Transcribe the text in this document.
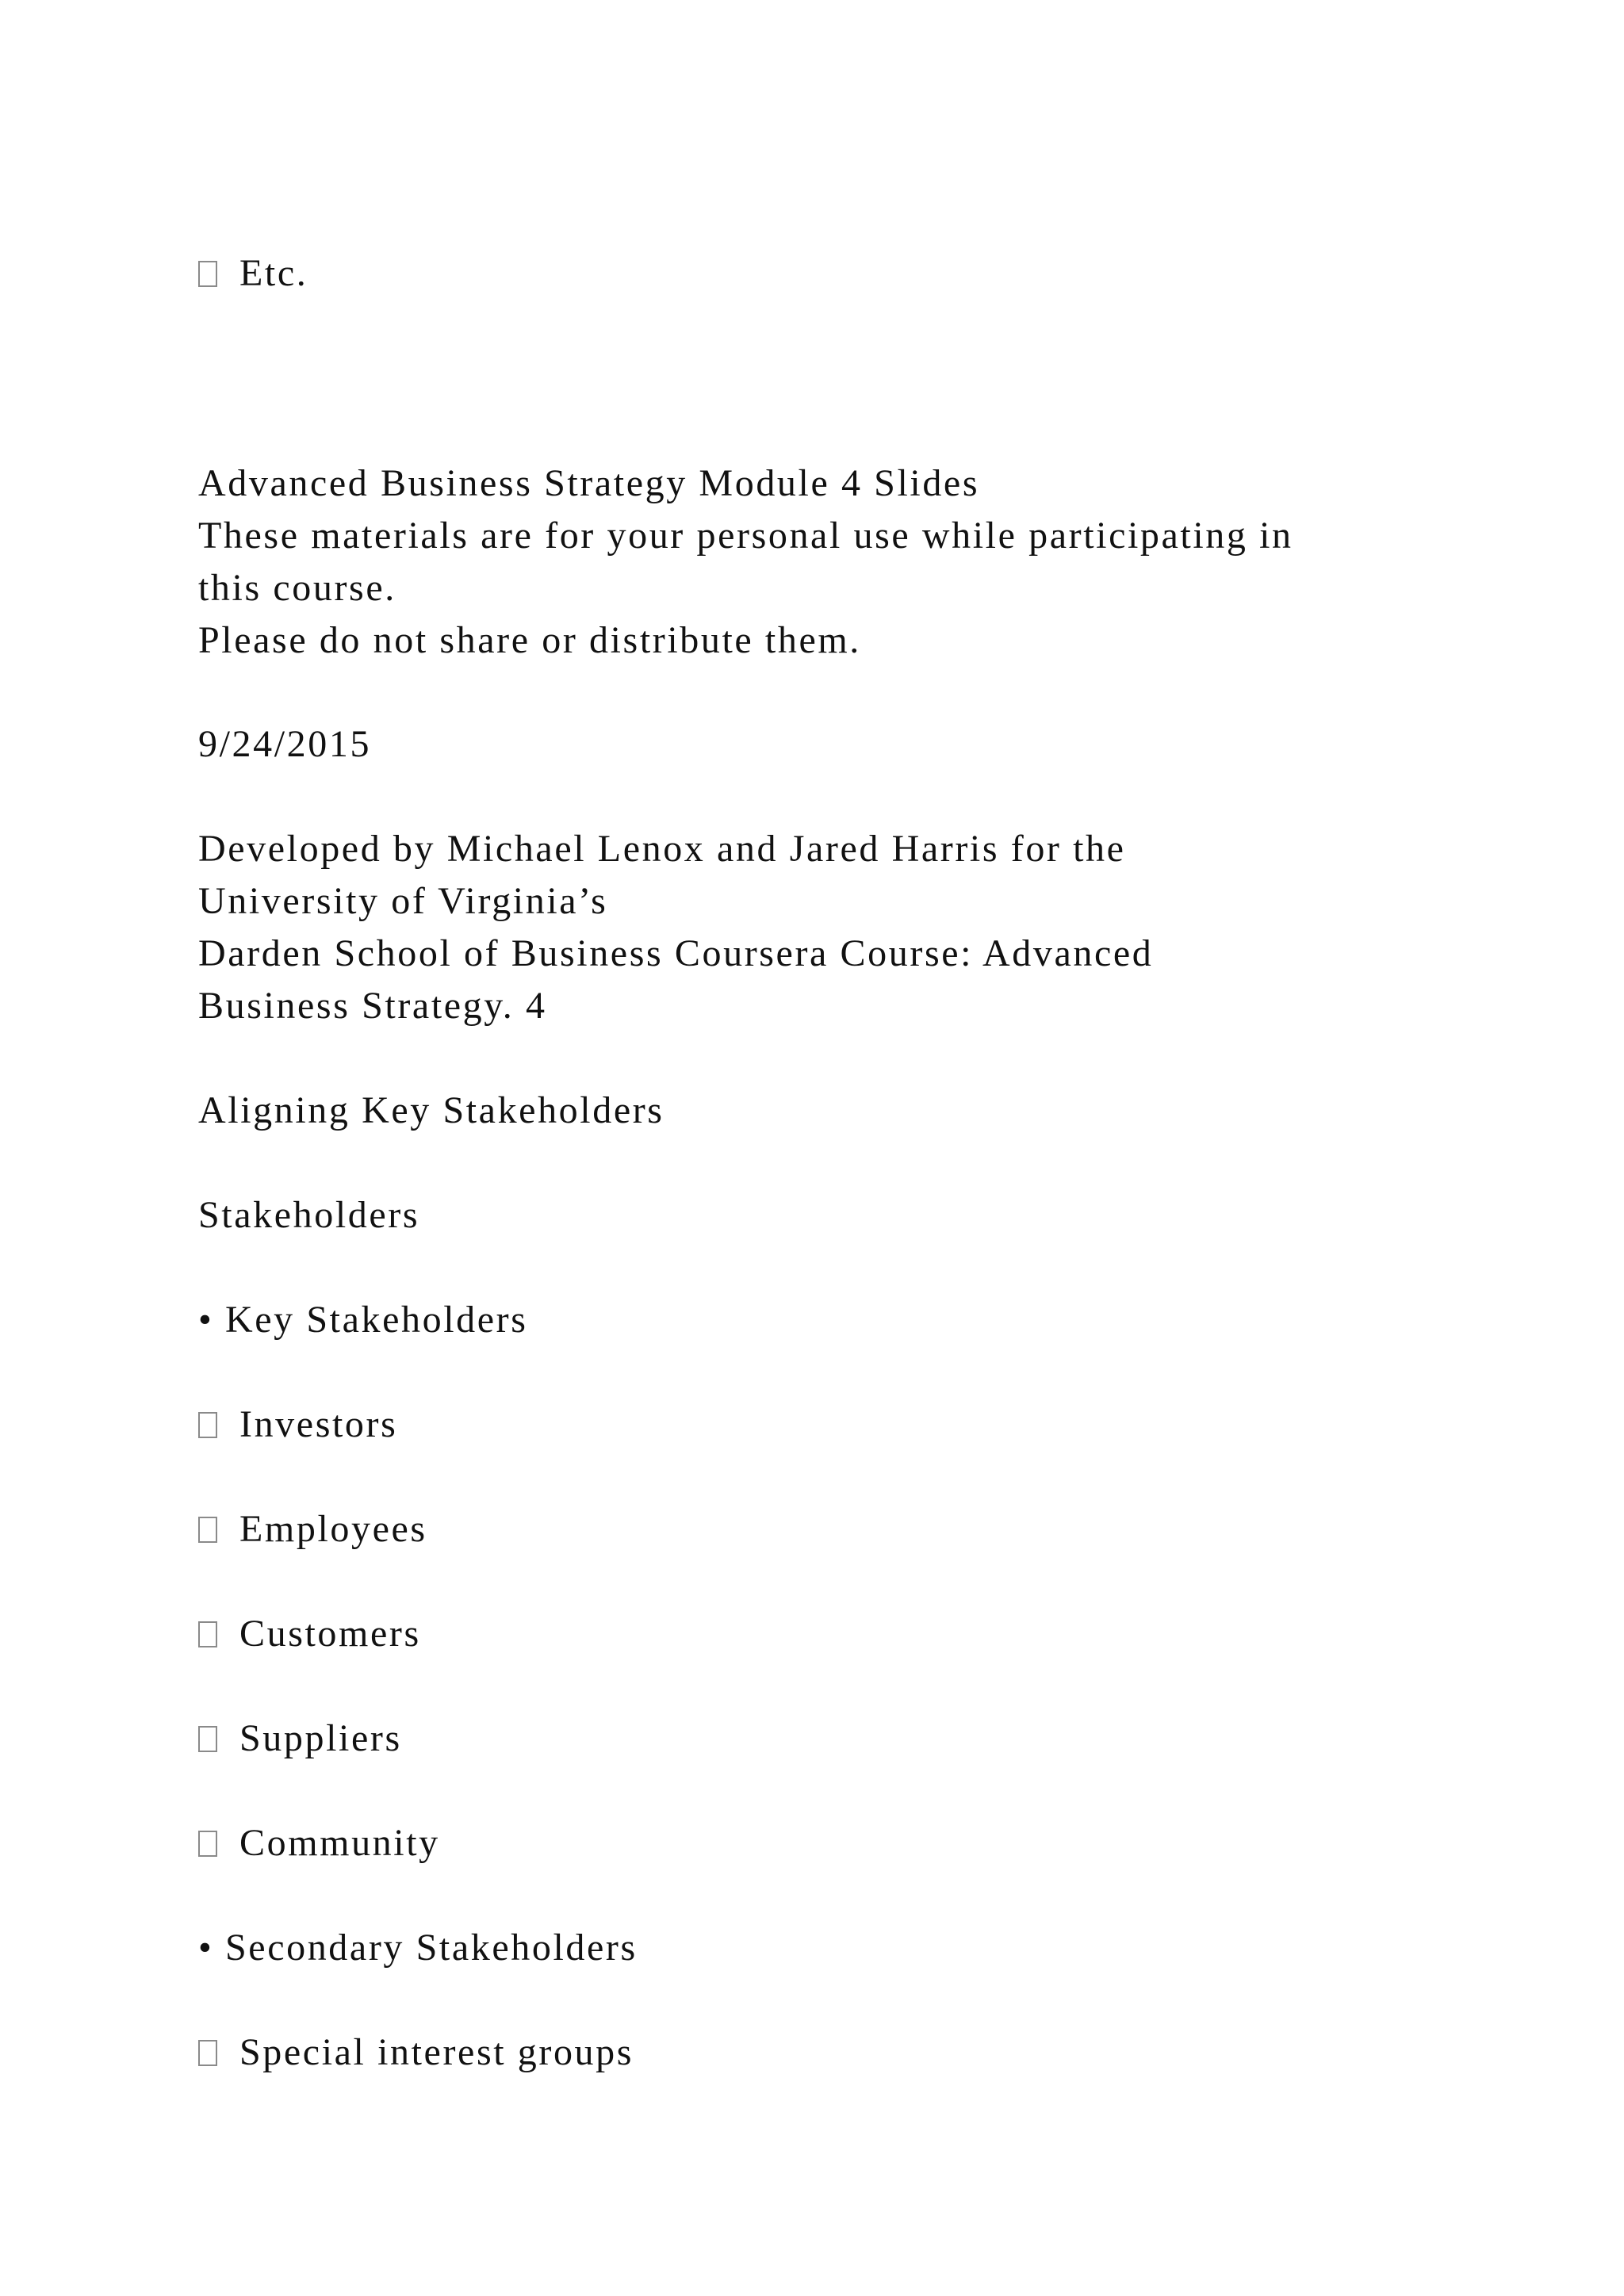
Etc.
Advanced Business Strategy Module 4 Slides
These materials are for your personal use while participating in
this course.
Please do not share or distribute them.
9/24/2015
Developed by Michael Lenox and Jared Harris for the
University of Virginia’s
Darden School of Business Coursera Course: Advanced
Business Strategy. 4
Aligning Key Stakeholders
Stakeholders
• Key Stakeholders
Investors
Employees
Customers
Suppliers
Community
• Secondary Stakeholders
Special interest groups
